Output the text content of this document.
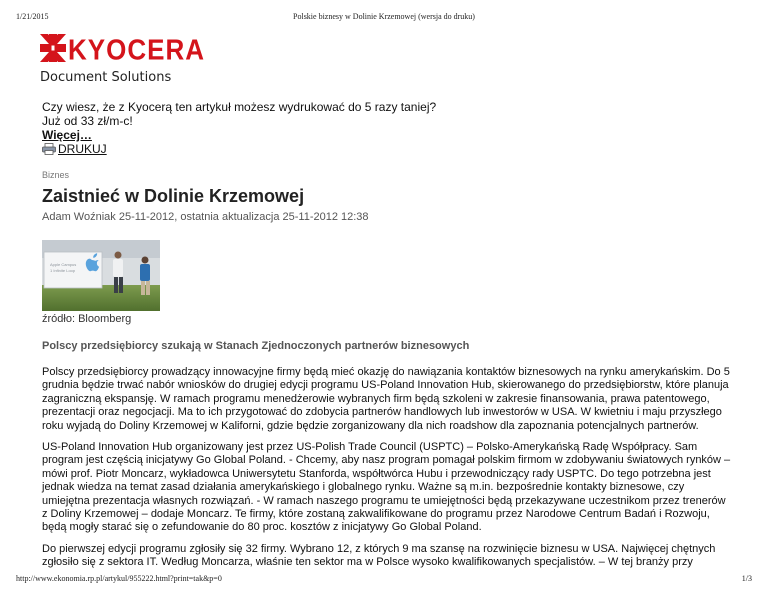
1/21/2015	Polskie biznesy w Dolinie Krzemowej (wersja do druku)
KYOCERA
Document Solutions
Czy wiesz, że z Kyocerą ten artykuł możesz wydrukować do 5 razy taniej? Już od 33 zł/m-c!
Więcej…
DRUKUJ
Biznes
Zaistnieć w Dolinie Krzemowej
Adam Woźniak 25-11-2012, ostatnia aktualizacja 25-11-2012 12:38
Apple Campus
1 Infinite Loop
źródło: Bloomberg
Polscy przedsiębiorcy szukają w Stanach Zjednoczonych partnerów biznesowych

Polscy przedsiębiorcy prowadzący innowacyjne firmy będą mieć okazję do nawiązania kontaktów biznesowych na rynku amerykańskim. Do 5 grudnia będzie trwać nabór wniosków do drugiej edycji programu US-Poland Innovation Hub, skierowanego do przedsiębiorstw, które planuja zagraniczną ekspansję. W ramach programu menedżerowie wybranych firm będą szkoleni w zakresie finansowania, prawa patentowego, prezentacji oraz negocjacji. Ma to ich przygotować do zdobycia partnerów handlowych lub inwestorów w USA. W kwietniu i maju przyszłego roku wyjadą do Doliny Krzemowej w Kaliforni, gdzie będzie zorganizowany dla nich roadshow dla zapoznania potencjalnych partnerów.

US-Poland Innovation Hub organizowany jest przez US-Polish Trade Council (USPTC) – Polsko-Amerykańską Radę Współpracy. Sam program jest częścią inicjatywy Go Global Poland. - Chcemy, aby nasz program pomagał polskim firmom w zdobywaniu światowych rynków – mówi prof. Piotr Moncarz, wykładowca Uniwersytetu Stanforda, współtwórca Hubu i przewodniczący rady USPTC. Do tego potrzebna jest jednak wiedza na temat zasad działania amerykańskiego i globalnego rynku. Ważne są m.in. bezpośrednie kontakty biznesowe, czy umiejętna prezentacja własnych rozwiązań. - W ramach naszego programu te umiejętności będą przekazywane uczestnikom przez trenerów z Doliny Krzemowej – dodaje Moncarz. Te firmy, które zostaną zakwalifikowane do programu przez Narodowe Centrum Badań i Rozwoju, będą mogły starać się o zefundowanie do 80 proc. kosztów z inicjatywy Go Global Poland.

Do pierwszej edycji programu zgłosiły się 32 firmy. Wybrano 12, z których 9 ma szansę na rozwinięcie biznesu w USA. Najwięcej chętnych zgłosiło się z sektora IT. Według Moncarza, właśnie ten sektor ma w Polsce wysoko kwalifikowanych specjalistów. – W tej branży przy

http://www.ekonomia.rp.pl/artykul/955222.html?print=tak&p=0	1/3
